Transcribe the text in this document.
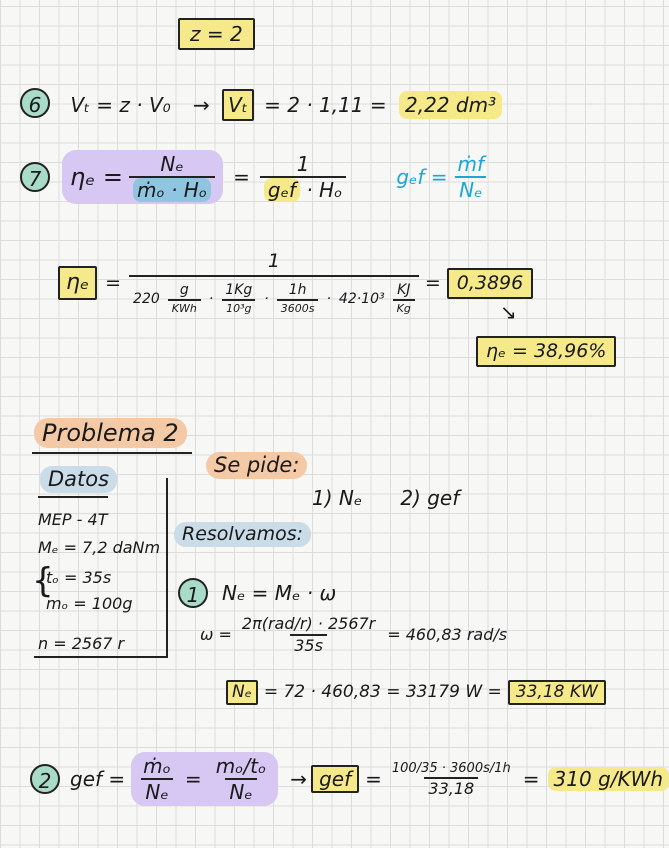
z = 2
6 Vₜ = z · V₀ → Vₜ = 2 · 1,11 = 2,22 dm³
7	$\eta_e = \frac{\text{Nₑ}}{\text{ṁₒ · Hₒ}} = \frac{1}{\text{gₑf · Hₒ}}$	$g_ef = \frac{\text{ṁf}}{\text{Nₑ}}$
ηₑ =
1
$220 \frac{g}{\text{KWh}} \cdot \frac{1Kg}{\text{10³g}} \cdot \frac{1h}{3600s} \cdot 42\cdot 10^3 \frac{KJ}{Kg}$
= 0,3896
↘
ηₑ = 38,96%
Problema 2
Datos
MEP - 4T
Mₑ = 7,2 daNm
{
tₒ = 35s
mₒ = 100g
n = 2567 r
Se pide:
1) Nₑ      2) gef
Resolvamos:
1	Nₑ = Mₑ · ω
$\omega = \frac{\text{2π(rad/r) · 2567r}}{35s} = 460,83$ rad/s
Nₑ = 72 · 460,83 = 33179 W = 33,18 KW
2 gef = $\frac{\text{ṁₒ}}{\text{Nₑ}} = \frac{\text{mₒ/tₒ}}{\text{Nₑ}}$ → gef = $\frac{100/35 \cdot 3600s/1h}{33,18} = 310$ g/KWh
